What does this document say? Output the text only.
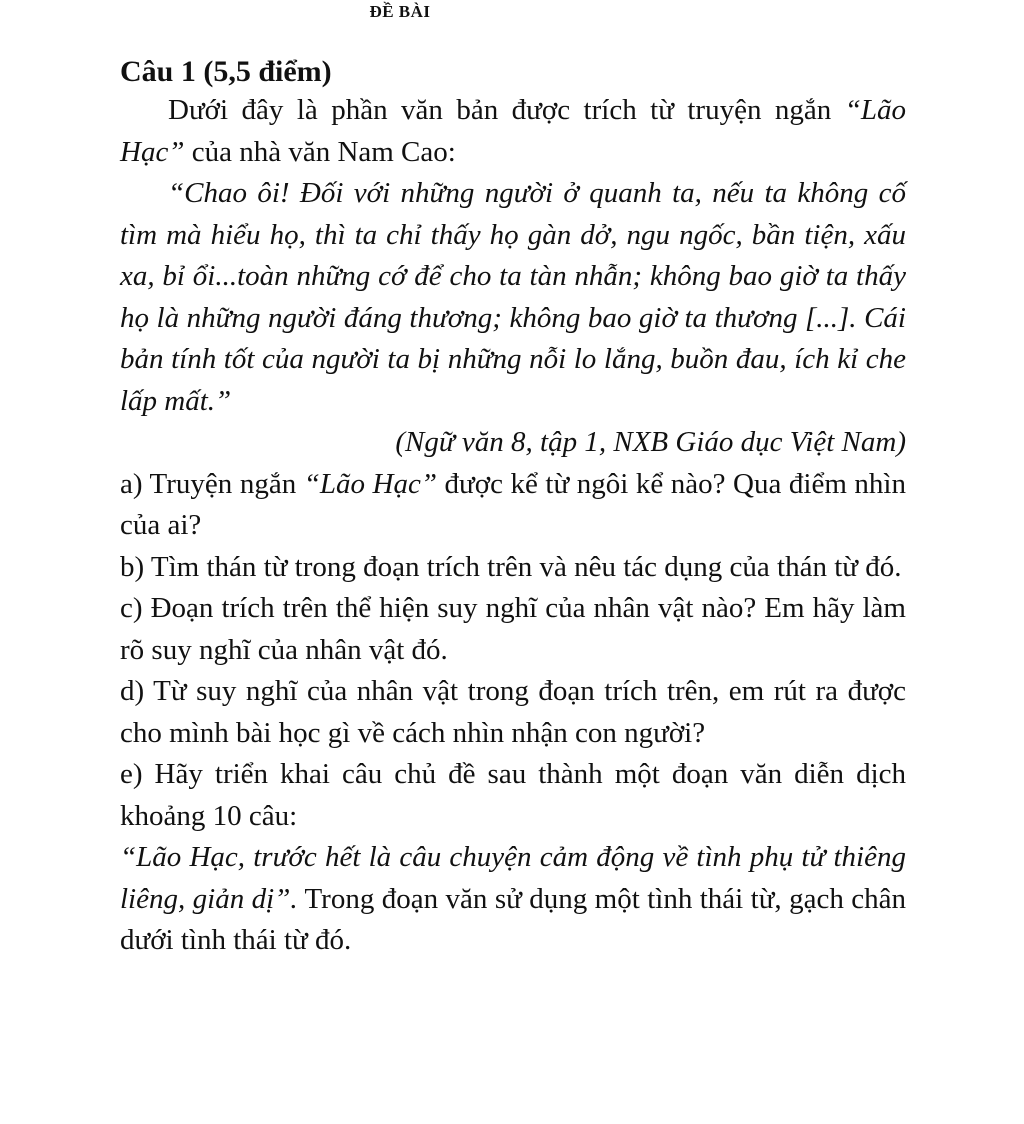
ĐỀ BÀI
Câu 1 (5,5 điểm)

Dưới đây là phần văn bản được trích từ truyện ngắn “Lão Hạc” của nhà văn Nam Cao:

“Chao ôi! Đối với những người ở quanh ta, nếu ta không cố tìm mà hiểu họ, thì ta chỉ thấy họ gàn dở, ngu ngốc, bần tiện, xấu xa, bỉ ổi...toàn những cớ để cho ta tàn nhẫn; không bao giờ ta thấy họ là những người đáng thương; không bao giờ ta thương [...]. Cái bản tính tốt của người ta bị những nỗi lo lắng, buồn đau, ích kỉ che lấp mất.”

(Ngữ văn 8, tập 1, NXB Giáo dục Việt Nam)

a) Truyện ngắn “Lão Hạc” được kể từ ngôi kể nào? Qua điểm nhìn của ai?

b) Tìm thán từ trong đoạn trích trên và nêu tác dụng của thán từ đó.

c) Đoạn trích trên thể hiện suy nghĩ của nhân vật nào? Em hãy làm rõ suy nghĩ của nhân vật đó.

d) Từ suy nghĩ của nhân vật trong đoạn trích trên, em rút ra được cho mình bài học gì về cách nhìn nhận con người?

e) Hãy triển khai câu chủ đề sau thành một đoạn văn diễn dịch khoảng 10 câu:

“Lão Hạc, trước hết là câu chuyện cảm động về tình phụ tử thiêng liêng, giản dị”. Trong đoạn văn sử dụng một tình thái từ, gạch chân dưới tình thái từ đó.
